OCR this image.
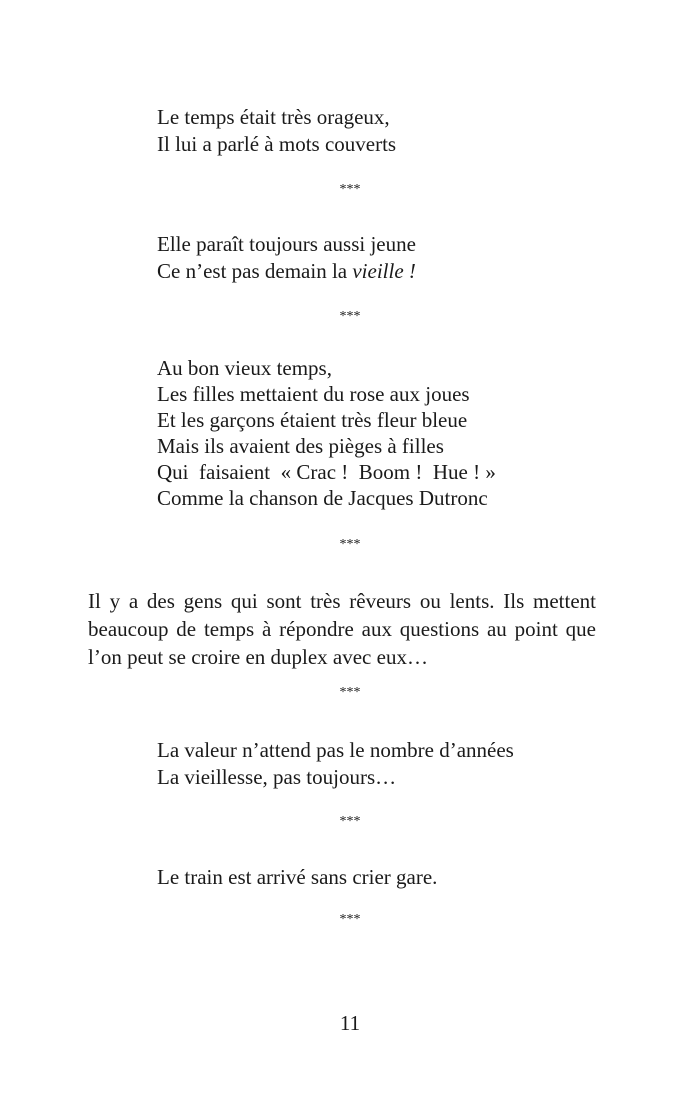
Le temps était très orageux,
Il lui a parlé à mots couverts
***
Elle paraît toujours aussi jeune
Ce n’est pas demain la vieille !
***
Au bon vieux temps,
Les filles mettaient du rose aux joues
Et les garçons étaient très fleur bleue
Mais ils avaient des pièges à filles
Qui  faisaient  « Crac !  Boom !  Hue ! »
Comme la chanson de Jacques Dutronc
***
Il y a des gens qui sont très rêveurs ou lents. Ils mettent
beaucoup de temps à répondre aux questions au point que
l’on peut se croire en duplex avec eux…
***
La valeur n’attend pas le nombre d’années
La vieillesse, pas toujours…
***
Le train est arrivé sans crier gare.
***
11
